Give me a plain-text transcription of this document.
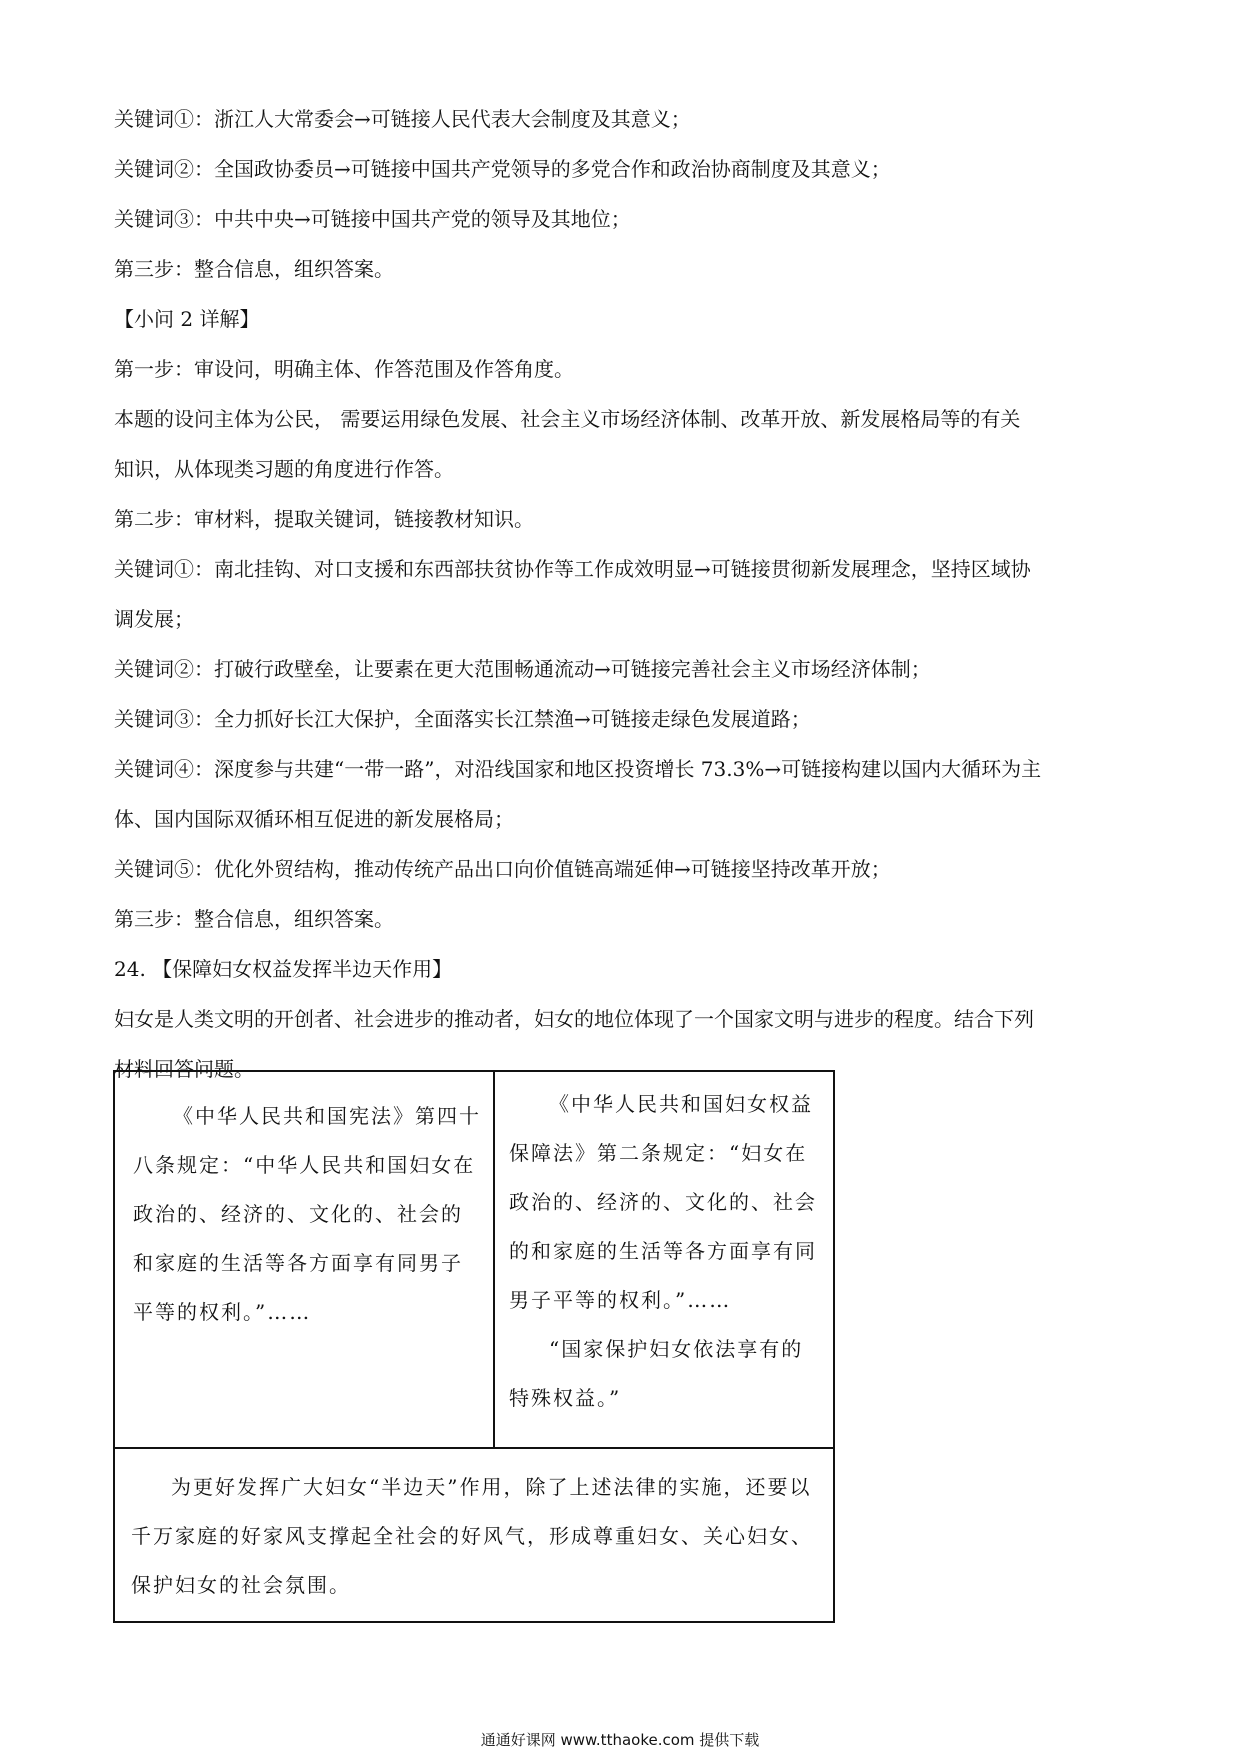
关键词①：浙江人大常委会→可链接人民代表大会制度及其意义；
关键词②：全国政协委员→可链接中国共产党领导的多党合作和政治协商制度及其意义；
关键词③：中共中央→可链接中国共产党的领导及其地位；
第三步：整合信息，组织答案。
【小问 2 详解】
第一步：审设问，明确主体、作答范围及作答角度。
本题的设问主体为公民， 需要运用绿色发展、社会主义市场经济体制、改革开放、新发展格局等的有关
知识，从体现类习题的角度进行作答。
第二步：审材料，提取关键词，链接教材知识。
关键词①：南北挂钩、对口支援和东西部扶贫协作等工作成效明显→可链接贯彻新发展理念，坚持区域协
调发展；
关键词②：打破行政壁垒，让要素在更大范围畅通流动→可链接完善社会主义市场经济体制；
关键词③：全力抓好长江大保护，全面落实长江禁渔→可链接走绿色发展道路；
关键词④：深度参与共建“一带一路”，对沿线国家和地区投资增长 73.3%→可链接构建以国内大循环为主
体、国内国际双循环相互促进的新发展格局；
关键词⑤：优化外贸结构，推动传统产品出口向价值链高端延伸→可链接坚持改革开放；
第三步：整合信息，组织答案。
24. 【保障妇女权益发挥半边天作用】
妇女是人类文明的开创者、社会进步的推动者，妇女的地位体现了一个国家文明与进步的程度。结合下列
材料回答问题。
《中华人民共和国宪法》第四十八条规定：“中华人民共和国妇女在政治的、经济的、文化的、社会的和家庭的生活等各方面享有同男子平等的权利。”……

《中华人民共和国妇女权益保障法》第二条规定：“妇女在政治的、经济的、文化的、社会的和家庭的生活等各方面享有同男子平等的权利。”……
“国家保护妇女依法享有的特殊权益。”

为更好发挥广大妇女“半边天”作用，除了上述法律的实施，还要以千万家庭的好家风支撑起全社会的好风气，形成尊重妇女、关心妇女、保护妇女的社会氛围。
通通好课网 www.tthaoke.com 提供下载
